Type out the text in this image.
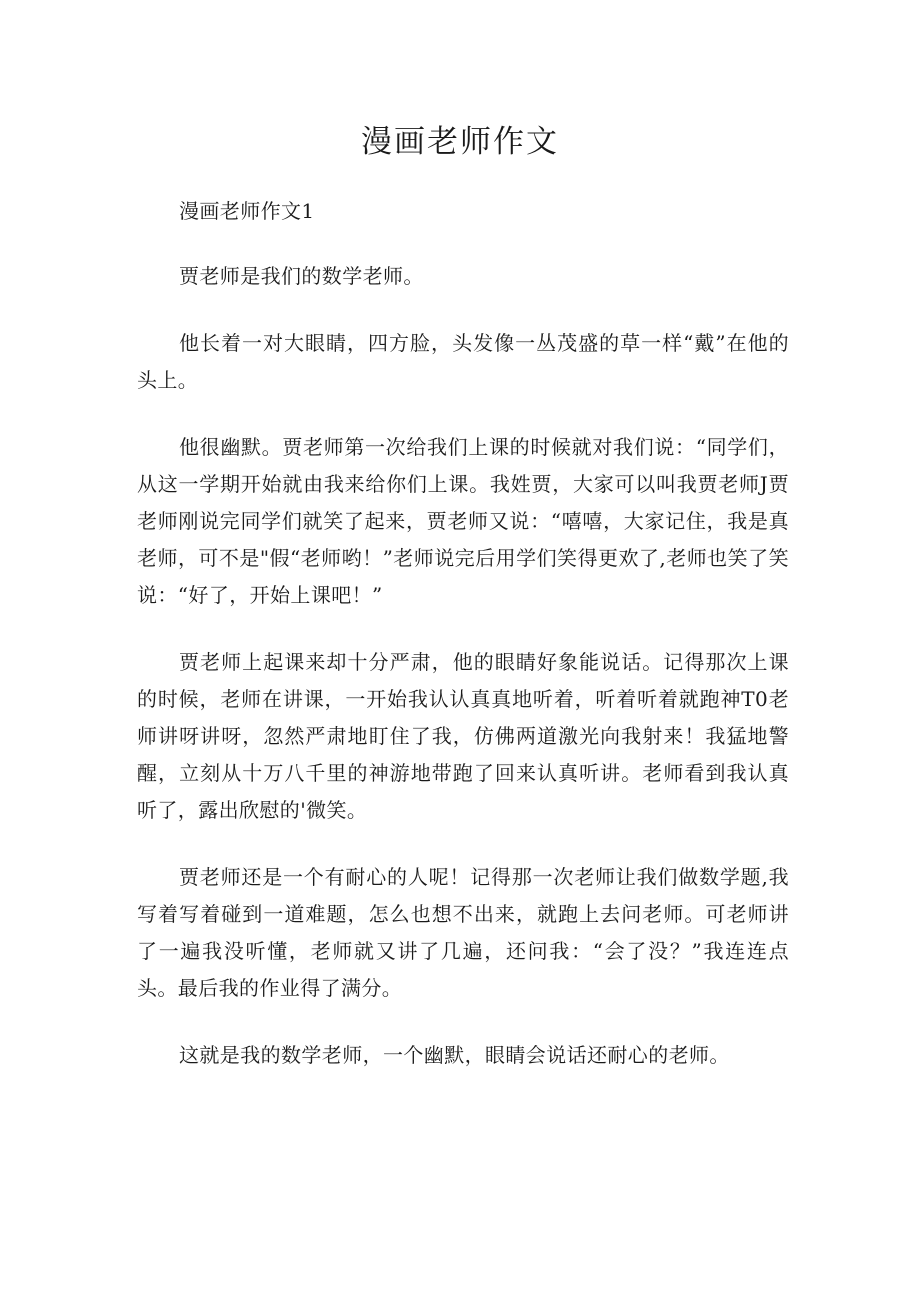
漫画老师作文

漫画老师作文1

贾老师是我们的数学老师。

他长着一对大眼睛，四方脸，头发像一丛茂盛的草一样“戴”在他的头上。

他很幽默。贾老师第一次给我们上课的时候就对我们说：“同学们，从这一学期开始就由我来给你们上课。我姓贾，大家可以叫我贾老师J贾老师刚说完同学们就笑了起来，贾老师又说：“嘻嘻，大家记住，我是真老师，可不是"假“老师哟！”老师说完后用学们笑得更欢了,老师也笑了笑说：“好了，开始上课吧！”

贾老师上起课来却十分严肃，他的眼睛好象能说话。记得那次上课的时候，老师在讲课，一开始我认认真真地听着，听着听着就跑神T0老师讲呀讲呀，忽然严肃地盯住了我，仿佛两道激光向我射来！我猛地警醒，立刻从十万八千里的神游地带跑了回来认真听讲。老师看到我认真听了，露出欣慰的'微笑。

贾老师还是一个有耐心的人呢！记得那一次老师让我们做数学题,我写着写着碰到一道难题，怎么也想不出来，就跑上去问老师。可老师讲了一遍我没听懂，老师就又讲了几遍，还问我：“会了没？”我连连点头。最后我的作业得了满分。

这就是我的数学老师，一个幽默，眼睛会说话还耐心的老师。
